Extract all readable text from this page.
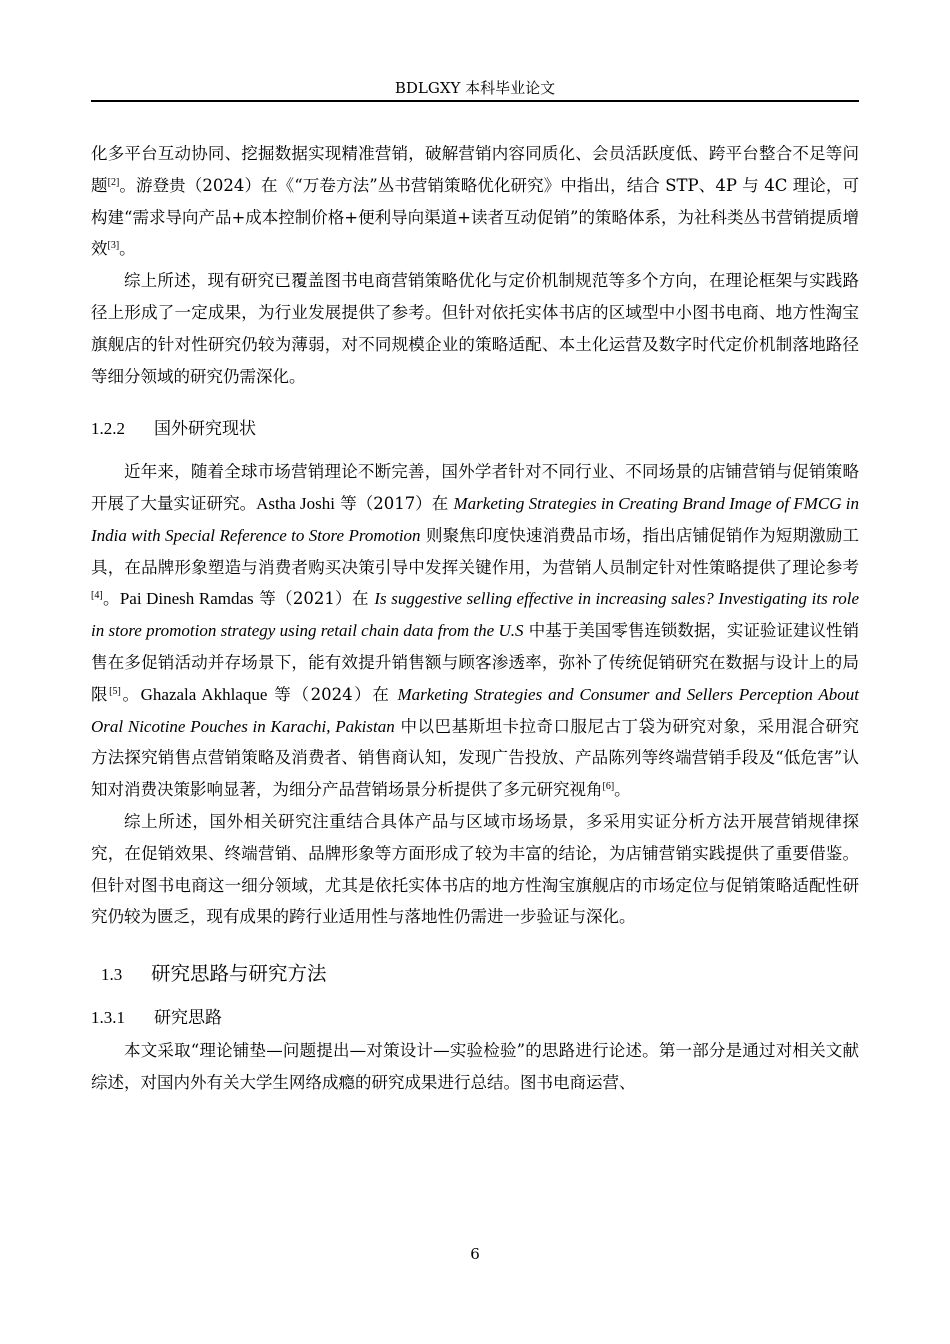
BDLGXY 本科毕业论文

化多平台互动协同、挖掘数据实现精准营销，破解营销内容同质化、会员活跃度低、跨平台整合不足等问题[2]。游登贵（2024）在《“万卷方法”丛书营销策略优化研究》中指出，结合 STP、4P 与 4C 理论，可构建“需求导向产品+成本控制价格+便利导向渠道+读者互动促销”的策略体系，为社科类丛书营销提质增效[3]。

综上所述，现有研究已覆盖图书电商营销策略优化与定价机制规范等多个方向，在理论框架与实践路径上形成了一定成果，为行业发展提供了参考。但针对依托实体书店的区域型中小图书电商、地方性淘宝旗舰店的针对性研究仍较为薄弱，对不同规模企业的策略适配、本土化运营及数字时代定价机制落地路径等细分领域的研究仍需深化。

1.2.2 国外研究现状

近年来，随着全球市场营销理论不断完善，国外学者针对不同行业、不同场景的店铺营销与促销策略开展了大量实证研究。Astha Joshi 等（2017）在 Marketing Strategies in Creating Brand Image of FMCG in India with Special Reference to Store Promotion 则聚焦印度快速消费品市场，指出店铺促销作为短期激励工具，在品牌形象塑造与消费者购买决策引导中发挥关键作用，为营销人员制定针对性策略提供了理论参考[4]。Pai Dinesh Ramdas 等（2021）在 Is suggestive selling effective in increasing sales? Investigating its role in store promotion strategy using retail chain data from the U.S 中基于美国零售连锁数据，实证验证建议性销售在多促销活动并存场景下，能有效提升销售额与顾客渗透率，弥补了传统促销研究在数据与设计上的局限[5]。Ghazala Akhlaque 等（2024）在 Marketing Strategies and Consumer and Sellers Perception About Oral Nicotine Pouches in Karachi, Pakistan 中以巴基斯坦卡拉奇口服尼古丁袋为研究对象，采用混合研究方法探究销售点营销策略及消费者、销售商认知，发现广告投放、产品陈列等终端营销手段及“低危害”认知对消费决策影响显著，为细分产品营销场景分析提供了多元研究视角[6]。

综上所述，国外相关研究注重结合具体产品与区域市场场景，多采用实证分析方法开展营销规律探究，在促销效果、终端营销、品牌形象等方面形成了较为丰富的结论，为店铺营销实践提供了重要借鉴。但针对图书电商这一细分领域，尤其是依托实体书店的地方性淘宝旗舰店的市场定位与促销策略适配性研究仍较为匮乏，现有成果的跨行业适用性与落地性仍需进一步验证与深化。

1.3 研究思路与研究方法
1.3.1 研究思路

本文采取“理论铺垫—问题提出—对策设计—实验检验”的思路进行论述。第一部分是通过对相关文献综述，对国内外有关大学生网络成瘾的研究成果进行总结。图书电商运营、

6
